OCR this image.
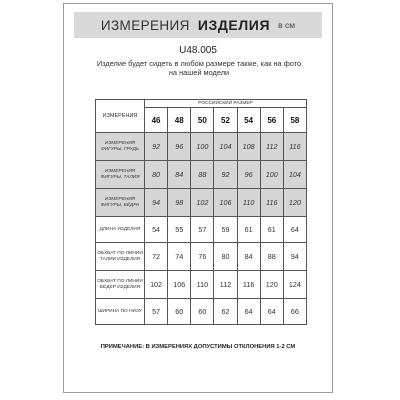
ИЗМЕРЕНИЯ ИЗДЕЛИЯ в см
U48.005
Изделие будет сидеть в любом размере также, как на фото на нашей модели
ИЗМЕРЕНИЯ	РОССИЙСКИЙ РАЗМЕР						
	46	48	50	52	54	56	58
ИЗМЕРЕНИЯ ФИГУРЫ, ГРУДЬ	92	96	100	104	108	112	116
ИЗМЕРЕНИЯ ФИГУРЫ, ТАЛИЯ	80	84	88	92	96	100	104
ИЗМЕРЕНИЯ ФИГУРЫ, БЁДРА	94	98	102	106	110	116	120
ДЛИНА ИЗДЕЛИЯ	54	55	57	59	61	61	64
ОБХВАТ ПО ЛИНИИ ТАЛИИ ИЗДЕЛИЯ	72	74	76	80	84	88	94
ОБХВАТ ПО ЛИНИИ БЕДЕР ИЗДЕЛИЯ	102	106	110	112	116	120	124
ШИРИНА ПО НИЗУ	57	60	60	62	64	64	66
ПРИМЕЧАНИЕ: В ИЗМЕРЕНИЯХ ДОПУСТИМЫ ОТКЛОНЕНИЯ 1-2 СМ
